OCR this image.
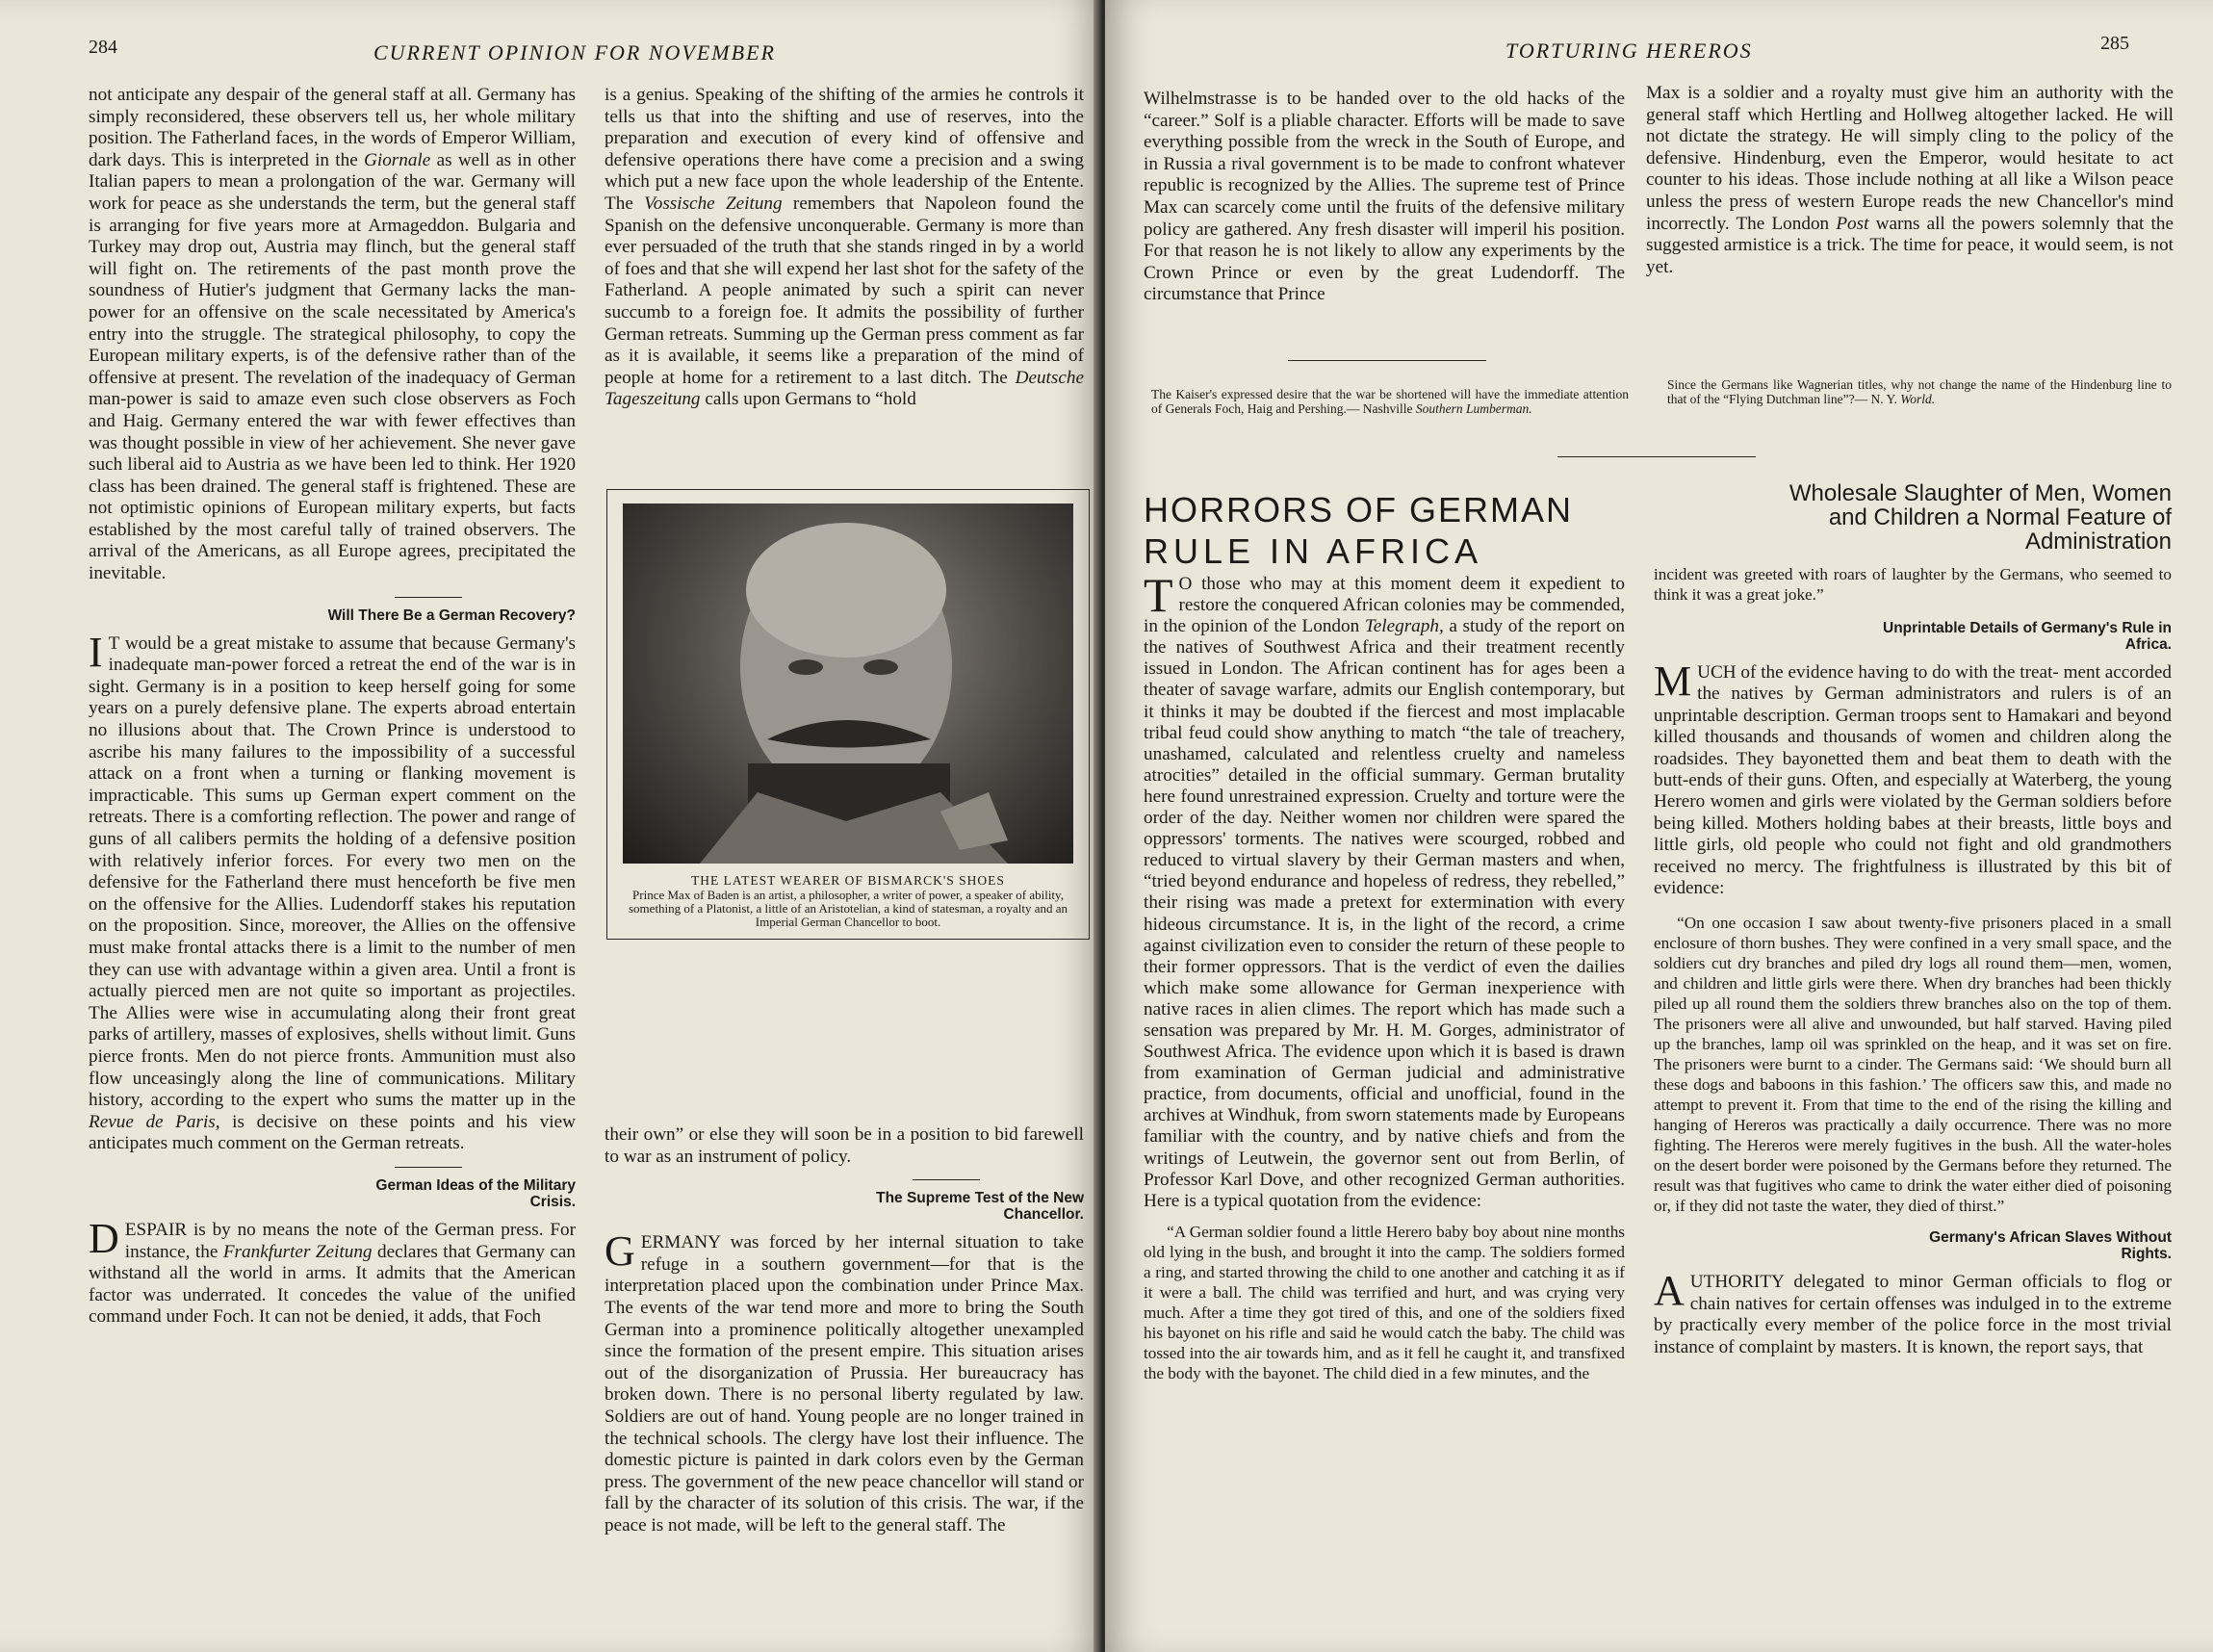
284	CURRENT OPINION FOR NOVEMBER

not anticipate any despair of the general staff at all. Germany has simply reconsidered, these observers tell us, her whole military position. The Fatherland faces, in the words of Emperor William, dark days. This is interpreted in the Giornale as well as in other Italian papers to mean a prolongation of the war. Germany will work for peace as she understands the term, but the general staff is arranging for five years more at Armageddon. Bulgaria and Turkey may drop out, Austria may flinch, but the general staff will fight on. The retirements of the past month prove the soundness of Hutier's judgment that Germany lacks the man-power for an offensive on the scale necessitated by America's entry into the struggle. The strategical philosophy, to copy the European military experts, is of the defensive rather than of the offensive at present. The revelation of the inadequacy of German man-power is said to amaze even such close observers as Foch and Haig. Germany entered the war with fewer effectives than was thought possible in view of her achievement. She never gave such liberal aid to Austria as we have been led to think. Her 1920 class has been drained. The general staff is frightened. These are not optimistic opinions of European military experts, but facts established by the most careful tally of trained observers. The arrival of the Americans, as all Europe agrees, precipitated the inevitable.

Will There Be a German Recovery?

I T would be a great mistake to assume that because Germany's inadequate man-power forced a retreat the end of the war is in sight. Germany is in a position to keep herself going for some years on a purely defensive plane. The experts abroad entertain no illusions about that. The Crown Prince is understood to ascribe his many failures to the impossibility of a successful attack on a front when a turning or flanking movement is impracticable. This sums up German expert comment on the retreats. There is a comforting reflection. The power and range of guns of all calibers permits the holding of a defensive position with relatively inferior forces. For every two men on the defensive for the Fatherland there must henceforth be five men on the offensive for the Allies. Ludendorff stakes his reputation on the proposition. Since, moreover, the Allies on the offensive must make frontal attacks there is a limit to the number of men they can use with advantage within a given area. Until a front is actually pierced men are not quite so important as projectiles. The Allies were wise in accumulating along their front great parks of artillery, masses of explosives, shells without limit. Guns pierce fronts. Men do not pierce fronts. Ammunition must also flow unceasingly along the line of communications. Military history, according to the expert who sums the matter up in the Revue de Paris, is decisive on these points and his view anticipates much comment on the German retreats.

German Ideas of the Military Crisis.

DESPAIR is by no means the note of the German press. For instance, the Frankfurter Zeitung declares that Germany can withstand all the world in arms. It admits that the American factor was underrated. It concedes the value of the unified command under Foch. It can not be denied, it adds, that Foch

is a genius. Speaking of the shifting of the armies he controls it tells us that into the shifting and use of reserves, into the preparation and execution of every kind of offensive and defensive operations there have come a precision and a swing which put a new face upon the whole leadership of the Entente. The Vossische Zeitung remembers that Napoleon found the Spanish on the defensive unconquerable. Germany is more than ever persuaded of the truth that she stands ringed in by a world of foes and that she will expend her last shot for the safety of the Fatherland. A people animated by such a spirit can never succumb to a foreign foe. It admits the possibility of further German retreats. Summing up the German press comment as far as it is available, it seems like a preparation of the mind of people at home for a retirement to a last ditch. The Deutsche Tageszeitung calls upon Germans to “hold

THE LATEST WEARER OF BISMARCK'S SHOES
Prince Max of Baden is an artist, a philosopher, a writer of power, a speaker of ability, something of a Platonist, a little of an Aristotelian, a kind of statesman, a royalty and an Imperial German Chancellor to boot.

their own” or else they will soon be in a position to bid farewell to war as an instrument of policy.

The Supreme Test of the New Chancellor.

GERMANY was forced by her internal situation to take refuge in a southern government—for that is the interpretation placed upon the combination under Prince Max. The events of the war tend more and more to bring the South German into a prominence politically altogether unexampled since the formation of the present empire. This situation arises out of the disorganization of Prussia. Her bureaucracy has broken down. There is no personal liberty regulated by law. Soldiers are out of hand. Young people are no longer trained in the technical schools. The clergy have lost their influence. The domestic picture is painted in dark colors even by the German press. The government of the new peace chancellor will stand or fall by the character of its solution of this crisis. The war, if the peace is not made, will be left to the general staff. The

TORTURING HEREROS	285

Wilhelmstrasse is to be handed over to the old hacks of the “career.” Solf is a pliable character. Efforts will be made to save everything possible from the wreck in the South of Europe, and in Russia a rival government is to be made to confront whatever republic is recognized by the Allies. The supreme test of Prince Max can scarcely come until the fruits of the defensive military policy are gathered. Any fresh disaster will imperil his position. For that reason he is not likely to allow any experiments by the Crown Prince or even by the great Ludendorff. The circumstance that Prince

Max is a soldier and a royalty must give him an authority with the general staff which Hertling and Hollweg altogether lacked. He will not dictate the strategy. He will simply cling to the policy of the defensive. Hindenburg, even the Emperor, would hesitate to act counter to his ideas. Those include nothing at all like a Wilson peace unless the press of western Europe reads the new Chancellor's mind incorrectly. The London Post warns all the powers solemnly that the suggested armistice is a trick. The time for peace, it would seem, is not yet.

The Kaiser's expressed desire that the war be shortened will have the immediate attention of Generals Foch, Haig and Pershing.— Nashville Southern Lumberman.
Since the Germans like Wagnerian titles, why not change the name of the Hindenburg line to that of the “Flying Dutchman line”?— N. Y. World.
HORRORS OF GERMAN
RULE IN AFRICA
Wholesale Slaughter of Men, Women and Children a Normal Feature of Administration

T O those who may at this moment deem it expedient to restore the conquered African colonies may be commended, in the opinion of the London Telegraph, a study of the report on the natives of Southwest Africa and their treatment recently issued in London. The African continent has for ages been a theater of savage warfare, admits our English contemporary, but it thinks it may be doubted if the fiercest and most implacable tribal feud could show anything to match “the tale of treachery, unashamed, calculated and relentless cruelty and nameless atrocities” detailed in the official summary. German brutality here found unrestrained expression. Cruelty and torture were the order of the day. Neither women nor children were spared the oppressors' torments. The natives were scourged, robbed and reduced to virtual slavery by their German masters and when, “tried beyond endurance and hopeless of redress, they rebelled,” their rising was made a pretext for extermination with every hideous circumstance. It is, in the light of the record, a crime against civilization even to consider the return of these people to their former oppressors. That is the verdict of even the dailies which make some allowance for German inexperience with native races in alien climes. The report which has made such a sensation was prepared by Mr. H. M. Gorges, administrator of Southwest Africa. The evidence upon which it is based is drawn from examination of German judicial and administrative practice, from documents, official and unofficial, found in the archives at Windhuk, from sworn statements made by Europeans familiar with the country, and by native chiefs and from the writings of Leutwein, the governor sent out from Berlin, of Professor Karl Dove, and other recognized German authorities. Here is a typical quotation from the evidence:

“A German soldier found a little Herero baby boy about nine months old lying in the bush, and brought it into the camp. The soldiers formed a ring, and started throwing the child to one another and catching it as if it were a ball. The child was terrified and hurt, and was crying very much. After a time they got tired of this, and one of the soldiers fixed his bayonet on his rifle and said he would catch the baby. The child was tossed into the air towards him, and as it fell he caught it, and transfixed the body with the bayonet. The child died in a few minutes, and the

incident was greeted with roars of laughter by the Germans, who seemed to think it was a great joke.”

Unprintable Details of Germany's Rule in Africa.

MUCH of the evidence having to do with the treat- ment accorded the natives by German administrators and rulers is of an unprintable description. German troops sent to Hamakari and beyond killed thousands and thousands of women and children along the roadsides. They bayonetted them and beat them to death with the butt-ends of their guns. Often, and especially at Waterberg, the young Herero women and girls were violated by the German soldiers before being killed. Mothers holding babes at their breasts, little boys and little girls, old people who could not fight and old grandmothers received no mercy. The frightfulness is illustrated by this bit of evidence:

“On one occasion I saw about twenty-five prisoners placed in a small enclosure of thorn bushes. They were confined in a very small space, and the soldiers cut dry branches and piled dry logs all round them—men, women, and children and little girls were there. When dry branches had been thickly piled up all round them the soldiers threw branches also on the top of them. The prisoners were all alive and unwounded, but half starved. Having piled up the branches, lamp oil was sprinkled on the heap, and it was set on fire. The prisoners were burnt to a cinder. The Germans said: ‘We should burn all these dogs and baboons in this fashion.’ The officers saw this, and made no attempt to prevent it. From that time to the end of the rising the killing and hanging of Hereros was practically a daily occurrence. There was no more fighting. The Hereros were merely fugitives in the bush. All the water-holes on the desert border were poisoned by the Germans before they returned. The result was that fugitives who came to drink the water either died of poisoning or, if they did not taste the water, they died of thirst.”

Germany's African Slaves Without Rights.

AUTHORITY delegated to minor German officials to flog or chain natives for certain offenses was indulged in to the extreme by practically every member of the police force in the most trivial instance of complaint by masters. It is known, the report says, that
